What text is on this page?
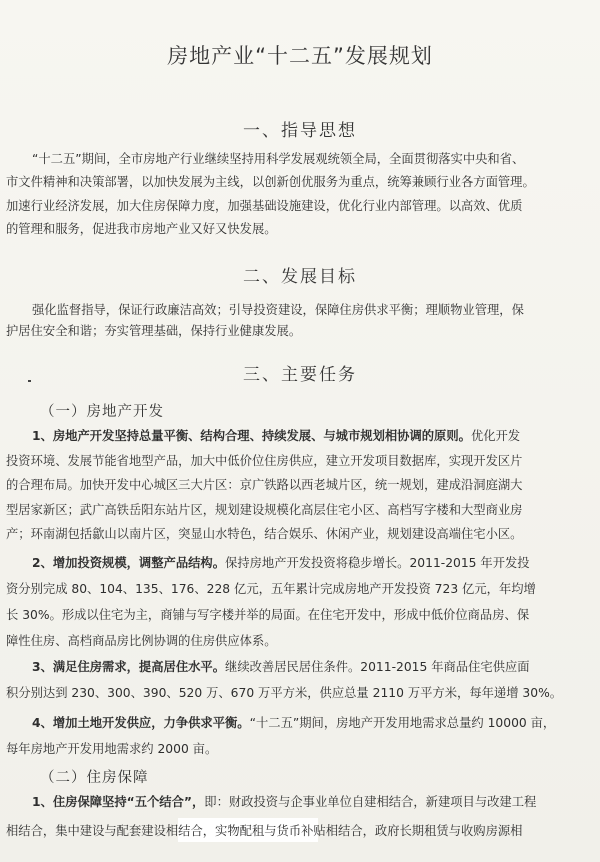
房地产业“十二五”发展规划
一、指导思想
“十二五”期间，全市房地产行业继续坚持用科学发展观统领全局，全面贯彻落实中央和省、
市文件精神和决策部署，以加快发展为主线，以创新创优服务为重点，统筹兼顾行业各方面管理。
加速行业经济发展，加大住房保障力度，加强基础设施建设，优化行业内部管理。以高效、优质
的管理和服务，促进我市房地产业又好又快发展。
二、发展目标
强化监督指导，保证行政廉洁高效；引导投资建设，保障住房供求平衡；理顺物业管理，保
护居住安全和谐；夯实管理基础，保持行业健康发展。
三、主要任务
（一）房地产开发
1、房地产开发坚持总量平衡、结构合理、持续发展、与城市规划相协调的原则。优化开发
投资环境、发展节能省地型产品，加大中低价位住房供应，建立开发项目数据库，实现开发区片
的合理布局。加快开发中心城区三大片区：京广铁路以西老城片区，统一规划，建成沿洞庭湖大
型居家新区；武广高铁岳阳东站片区，规划建设规模化高层住宅小区、高档写字楼和大型商业房
产；环南湖包括歙山以南片区，突显山水特色，结合娱乐、休闲产业，规划建设高端住宅小区。
2、增加投资规模，调整产品结构。保持房地产开发投资将稳步增长。2011-2015 年开发投
资分别完成 80、104、135、176、228 亿元，五年累计完成房地产开发投资 723 亿元，年均增
长 30%。形成以住宅为主，商铺与写字楼并举的局面。在住宅开发中，形成中低价位商品房、保
障性住房、高档商品房比例协调的住房供应体系。
3、满足住房需求，提高居住水平。继续改善居民居住条件。2011-2015 年商品住宅供应面
积分别达到 230、300、390、520 万、670 万平方米，供应总量 2110 万平方米，每年递增 30%。
4、增加土地开发供应，力争供求平衡。“十二五”期间，房地产开发用地需求总量约 10000 亩，
每年房地产开发用地需求约 2000 亩。
（二）住房保障
1、住房保障坚持“五个结合”，即：财政投资与企事业单位自建相结合，新建项目与改建工程
相结合，集中建设与配套建设相结合，实物配租与货币补贴相结合，政府长期租赁与收购房源相
